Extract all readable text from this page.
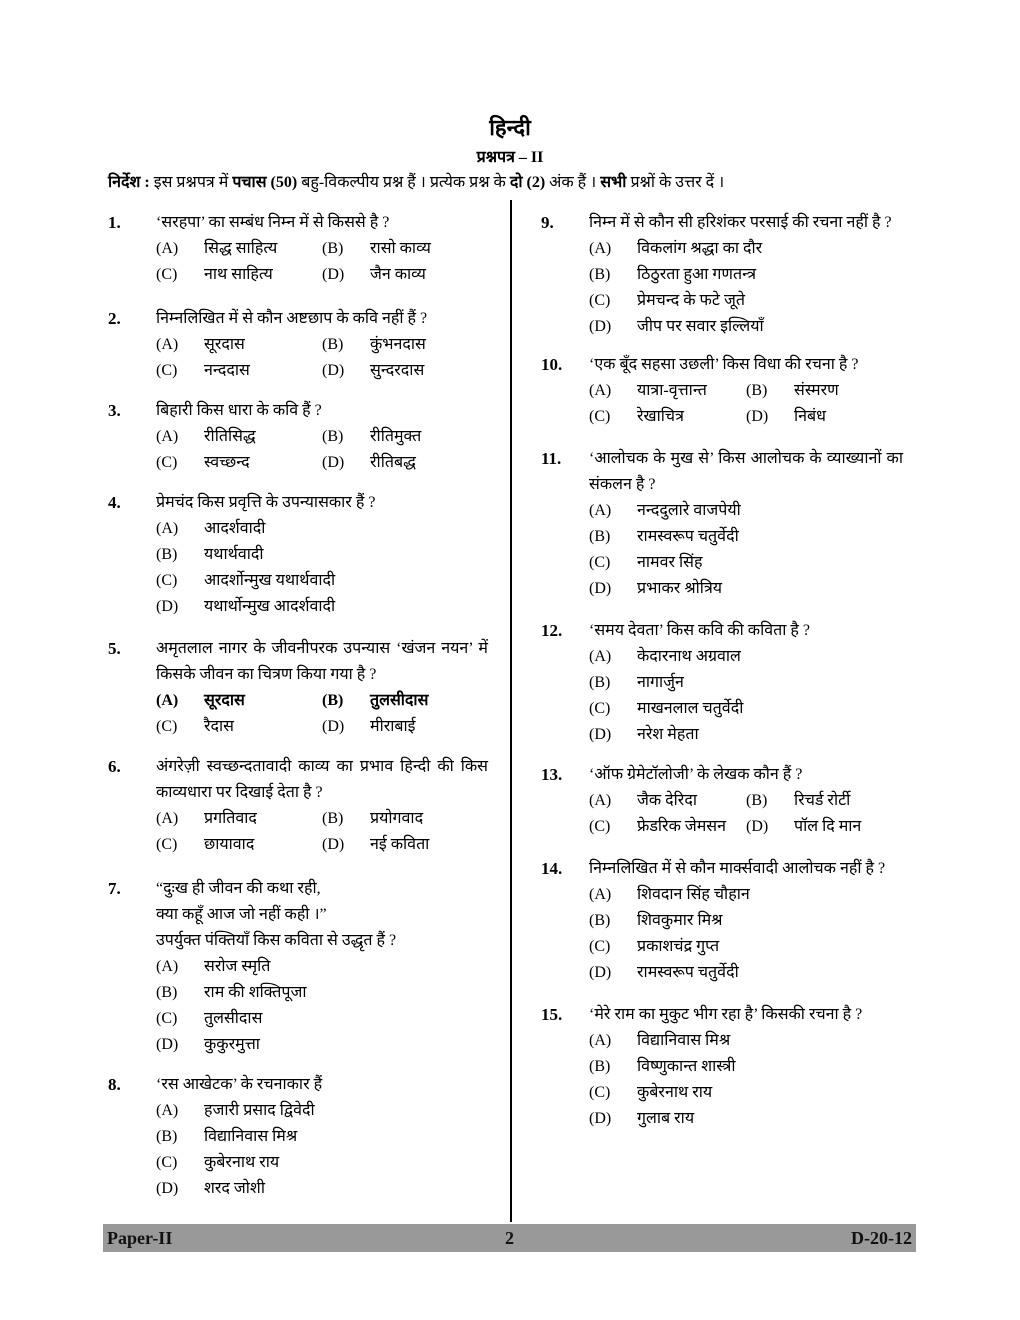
हिन्दी
प्रश्नपत्र – II
निर्देश : इस प्रश्नपत्र में पचास (50) बहु-विकल्पीय प्रश्न हैं । प्रत्येक प्रश्न के दो (2) अंक हैं । सभी प्रश्नों के उत्तर दें ।
1. ‘सरहपा’ का सम्बंध निम्न में से किससे है ?
(A)	सिद्ध साहित्य	(B)	रासो काव्य
(C)	नाथ साहित्य	(D)	जैन काव्य
2. निम्नलिखित में से कौन अष्टछाप के कवि नहीं हैं ?
(A)	सूरदास	(B)	कुंभनदास
(C)	नन्ददास	(D)	सुन्दरदास
3. बिहारी किस धारा के कवि हैं ?
(A)	रीतिसिद्ध	(B)	रीतिमुक्त
(C)	स्वच्छन्द	(D)	रीतिबद्ध
4. प्रेमचंद किस प्रवृत्ति के उपन्यासकार हैं ?
(A)	आदर्शवादी
(B)	यथार्थवादी
(C)	आदर्शोन्मुख यथार्थवादी
(D)	यथार्थोन्मुख आदर्शवादी
5. अमृतलाल नागर के जीवनीपरक उपन्यास ‘खंजन नयन’ में किसके जीवन का चित्रण किया गया है ?
(A)	सूरदास	(B)	तुलसीदास
(C)	रैदास	(D)	मीराबाई
6. अंगरेज़ी स्वच्छन्दतावादी काव्य का प्रभाव हिन्दी की किस काव्यधारा पर दिखाई देता है ?
(A)	प्रगतिवाद	(B)	प्रयोगवाद
(C)	छायावाद	(D)	नई कविता
7. “दुःख ही जीवन की कथा रही,
क्या कहूँ आज जो नहीं कही ।”
उपर्युक्त पंक्तियाँ किस कविता से उद्धृत हैं ?
(A)	सरोज स्मृति
(B)	राम की शक्तिपूजा
(C)	तुलसीदास
(D)	कुकुरमुत्ता
8. ‘रस आखेटक’ के रचनाकार हैं
(A)	हजारी प्रसाद द्विवेदी
(B)	विद्यानिवास मिश्र
(C)	कुबेरनाथ राय
(D)	शरद जोशी
9. निम्न में से कौन सी हरिशंकर परसाई की रचना नहीं है ?
(A)	विकलांग श्रद्धा का दौर
(B)	ठिठुरता हुआ गणतन्त्र
(C)	प्रेमचन्द के फटे जूते
(D)	जीप पर सवार इल्लियाँ
10. ‘एक बूँद सहसा उछली’ किस विधा की रचना है ?
(A)	यात्रा-वृत्तान्त (B)	संस्मरण
(C)	रेखाचित्र	(D)	निबंध
11. ‘आलोचक के मुख से’ किस आलोचक के व्याख्यानों का संकलन है ?
(A)	नन्ददुलारे वाजपेयी
(B)	रामस्वरूप चतुर्वेदी
(C)	नामवर सिंह
(D)	प्रभाकर श्रोत्रिय
12. ‘समय देवता’ किस कवि की कविता है ?
(A)	केदारनाथ अग्रवाल
(B)	नागार्जुन
(C)	माखनलाल चतुर्वेदी
(D)	नरेश मेहता
13. ‘ऑफ ग्रेमेटॉलोजी’ के लेखक कौन हैं ?
(A)	जैक देरिदा	(B)	रिचर्ड रोर्टी
(C)	फ्रेडरिक जेमसन (D)	पॉल दि मान
14. निम्नलिखित में से कौन मार्क्सवादी आलोचक नहीं है ?
(A)	शिवदान सिंह चौहान
(B)	शिवकुमार मिश्र
(C)	प्रकाशचंद्र गुप्त
(D)	रामस्वरूप चतुर्वेदी
15. ‘मेरे राम का मुकुट भीग रहा है’ किसकी रचना है ?
(A)	विद्यानिवास मिश्र
(B)	विष्णुकान्त शास्त्री
(C)	कुबेरनाथ राय
(D)	गुलाब राय
Paper-II	2	D-20-12
